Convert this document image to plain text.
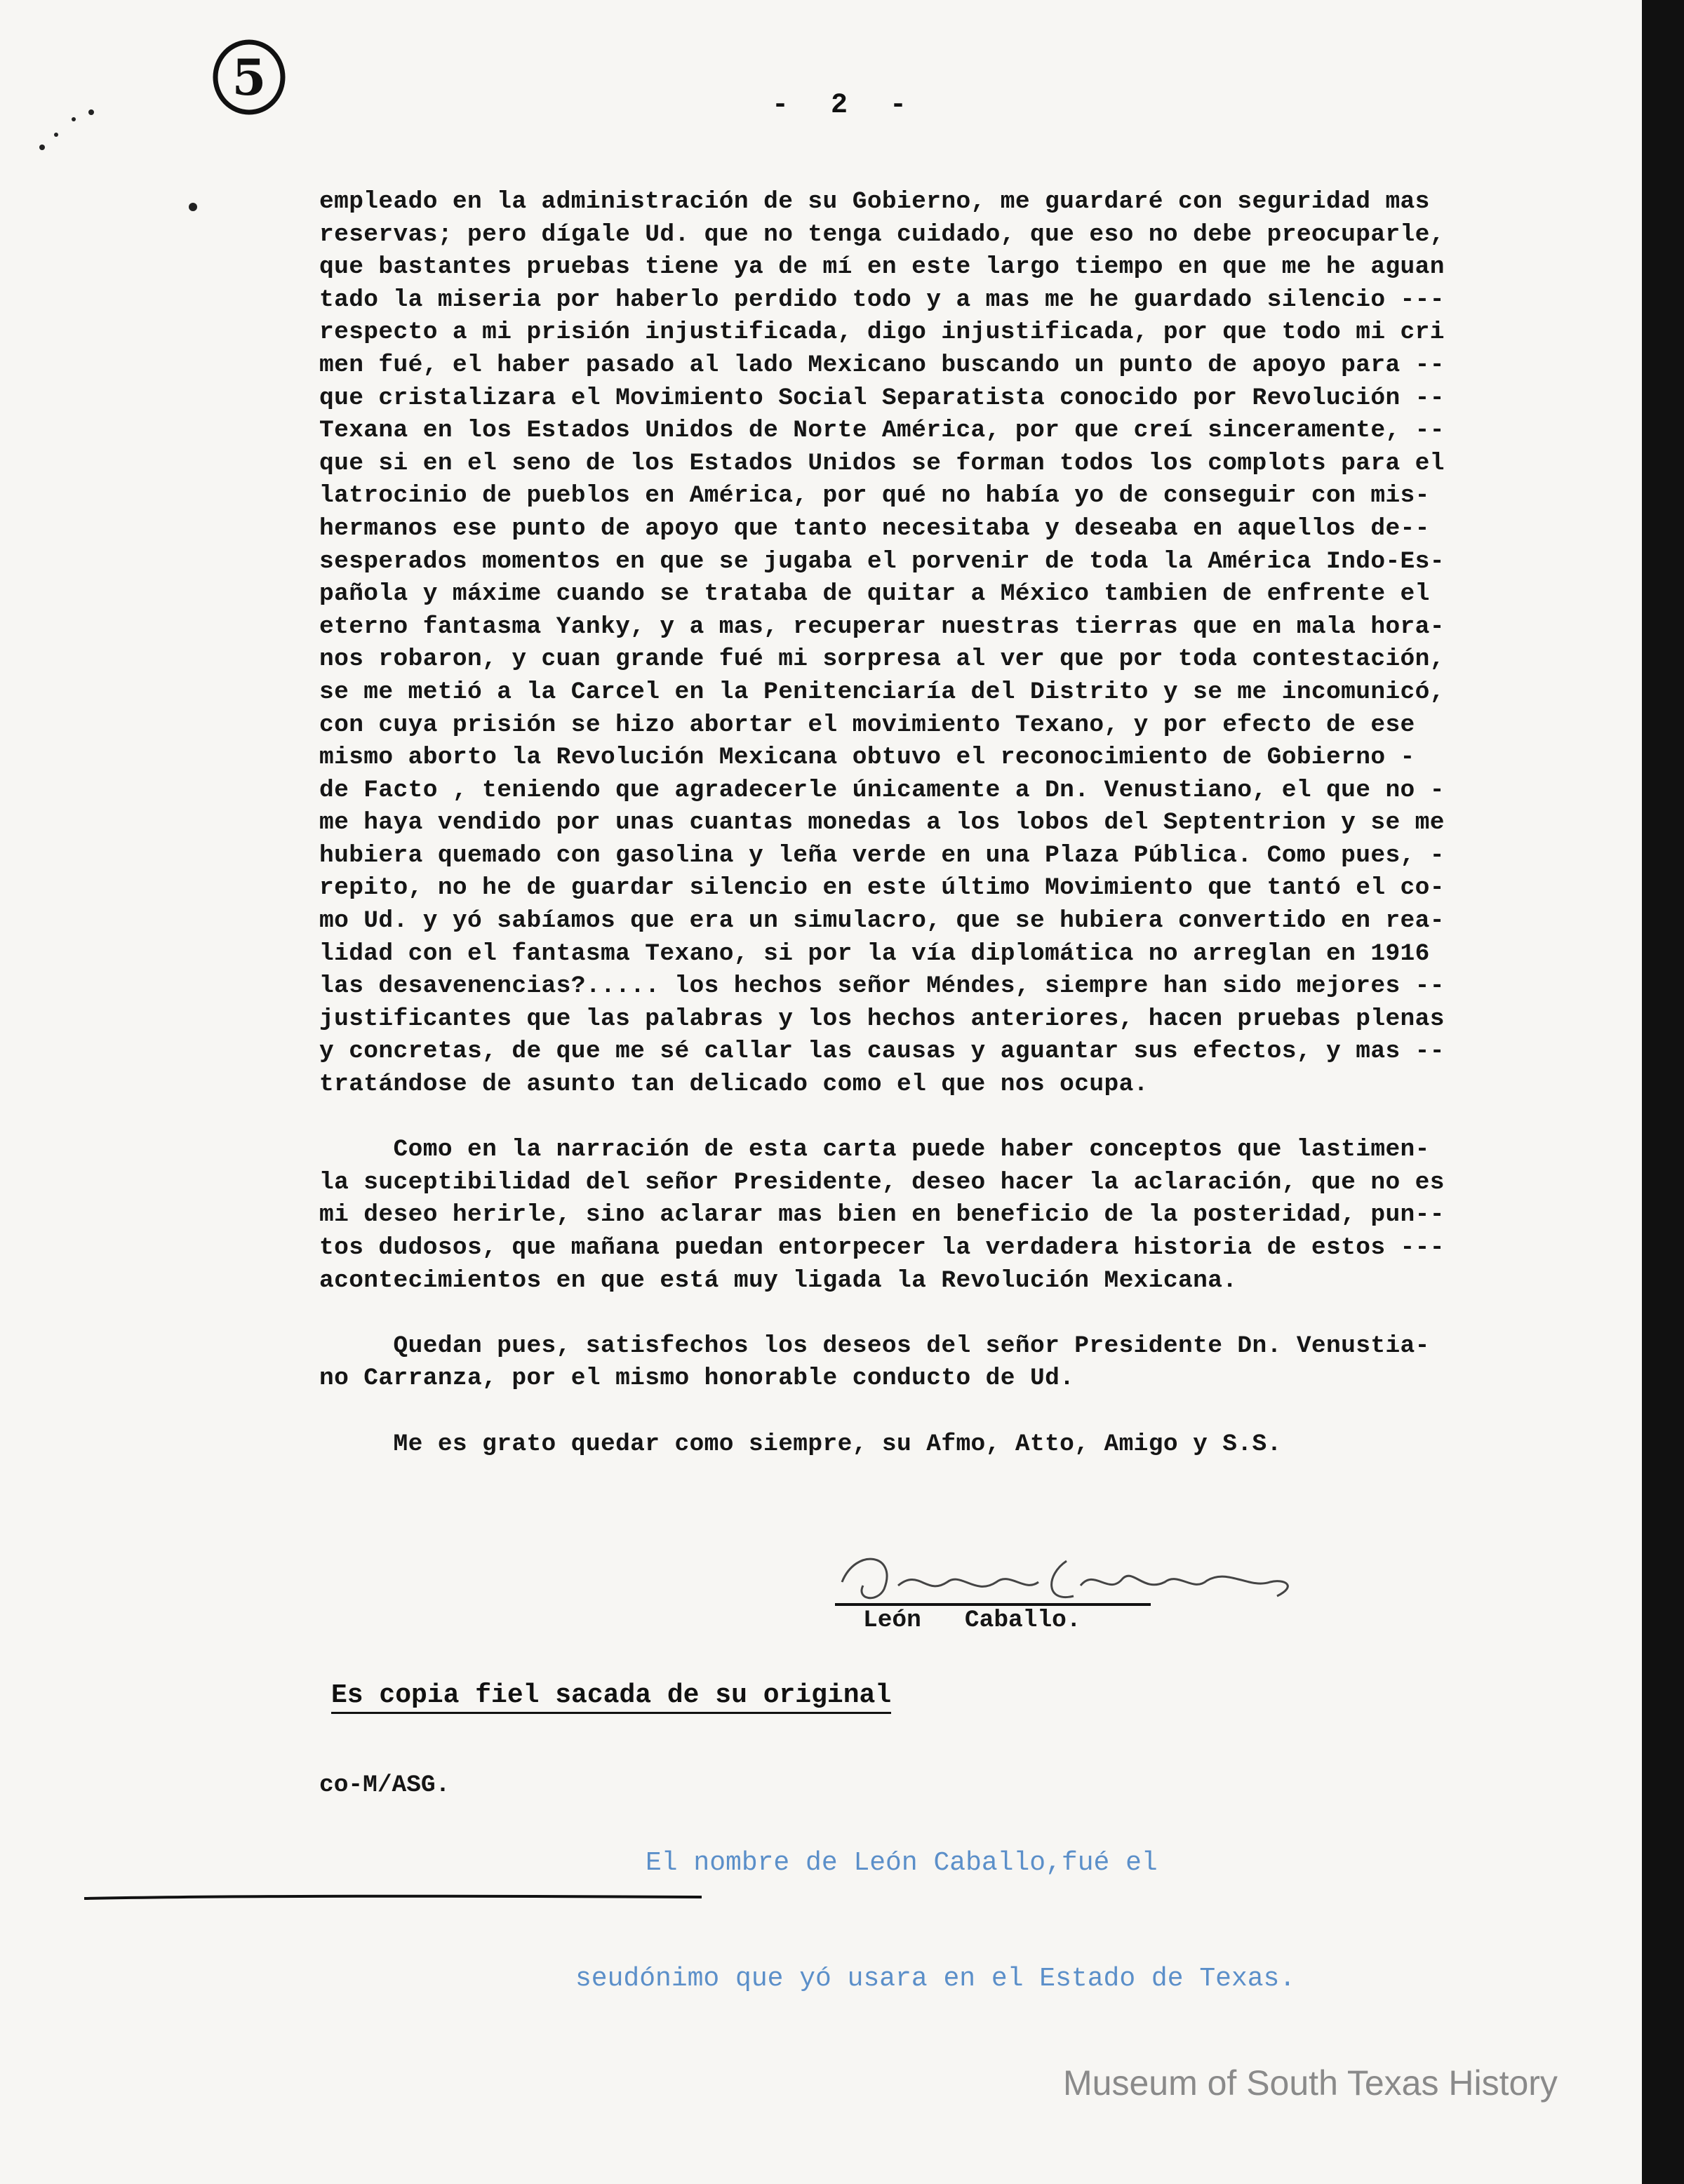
5	- 2 -
empleado en la administración de su Gobierno, me guardaré con seguridad mas
reservas; pero dígale Ud. que no tenga cuidado, que eso no debe preocuparle,
que bastantes pruebas tiene ya de mí en este largo tiempo en que me he aguan
tado la miseria por haberlo perdido todo y a mas me he guardado silencio ---
respecto a mi prisión injustificada, digo injustificada, por que todo mi cri
men fué, el haber pasado al lado Mexicano buscando un punto de apoyo para --
que cristalizara el Movimiento Social Separatista conocido por Revolución --
Texana en los Estados Unidos de Norte América, por que creí sinceramente, --
que si en el seno de los Estados Unidos se forman todos los complots para el
latrocinio de pueblos en América, por qué no había yo de conseguir con mis-
hermanos ese punto de apoyo que tanto necesitaba y deseaba en aquellos de--
sesperados momentos en que se jugaba el porvenir de toda la América Indo-Es-
pañola y máxime cuando se trataba de quitar a México tambien de enfrente el
eterno fantasma Yanky, y a mas, recuperar nuestras tierras que en mala hora-
nos robaron, y cuan grande fué mi sorpresa al ver que por toda contestación,
se me metió a la Carcel en la Penitenciaría del Distrito y se me incomunicó,
con cuya prisión se hizo abortar el movimiento Texano, y por efecto de ese
mismo aborto la Revolución Mexicana obtuvo el reconocimiento de Gobierno -
de Facto , teniendo que agradecerle únicamente a Dn. Venustiano, el que no -
me haya vendido por unas cuantas monedas a los lobos del Septentrion y se me
hubiera quemado con gasolina y leña verde en una Plaza Pública. Como pues, -
repito, no he de guardar silencio en este último Movimiento que tantó el co-
mo Ud. y yó sabíamos que era un simulacro, que se hubiera convertido en rea-
lidad con el fantasma Texano, si por la vía diplomática no arreglan en 1916
las desavenencias?..... los hechos señor Méndes, siempre han sido mejores --
justificantes que las palabras y los hechos anteriores, hacen pruebas plenas
y concretas, de que me sé callar las causas y aguantar sus efectos, y mas --
tratándose de asunto tan delicado como el que nos ocupa.
Como en la narración de esta carta puede haber conceptos que lastimen-
la suceptibilidad del señor Presidente, deseo hacer la aclaración, que no es
mi deseo herirle, sino aclarar mas bien en beneficio de la posteridad, pun--
tos dudosos, que mañana puedan entorpecer la verdadera historia de estos ---
acontecimientos en que está muy ligada la Revolución Mexicana.
Quedan pues, satisfechos los deseos del señor Presidente Dn. Venustia-
no Carranza, por el mismo honorable conducto de Ud.
Me es grato quedar como siempre, su Afmo, Atto, Amigo y S.S.
León   Caballo.
Es copia fiel sacada de su original
co-M/ASG.

El nombre de León Caballo,fué el

seudónimo que yó usara en el Estado de Texas.

Museum of South Texas History
